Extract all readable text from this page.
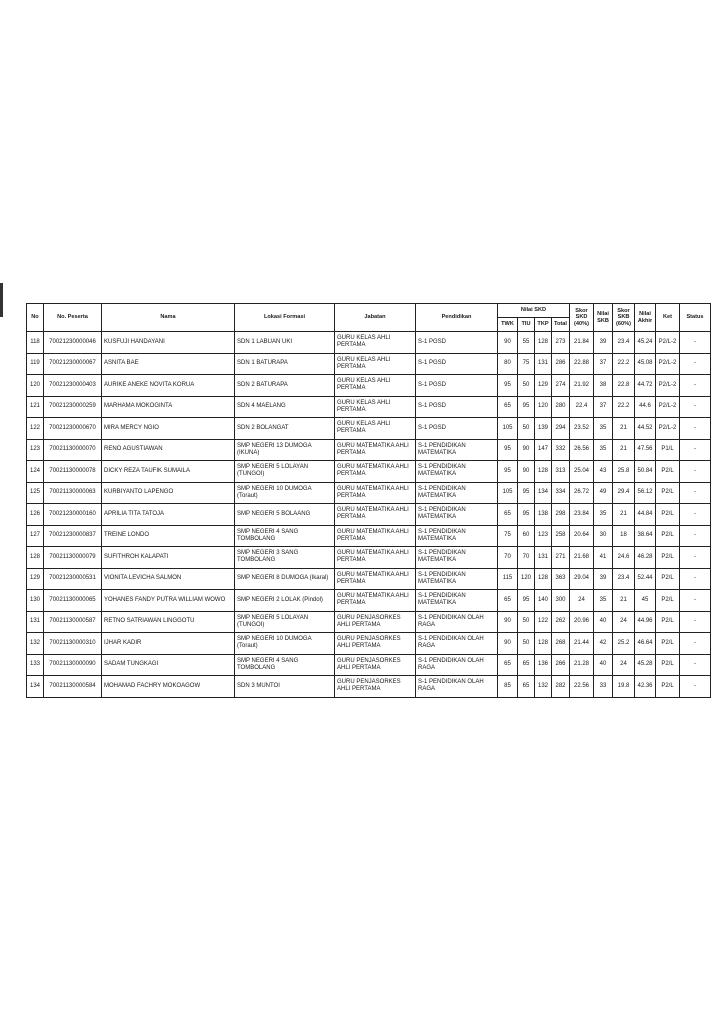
No	No. Peserta	Nama	Lokasi Formasi	Jabatan	Pendidikan	Nilai SKD				Skor SKD (40%)	Nilai SKB	Skor SKB (60%)	Nilai Akhir	Ket	Status
						TWK	TIU	TKP	Total						
118	70021230000046	KUSFUJI HANDAYANI	SDN 1 LABUAN UKI	GURU KELAS AHLI PERTAMA	S-1 PGSD	90	55	128	273	21.84	39	23.4	45.24	P2/L-2	-
119	70021230000067	ASNITA BAE	SDN 1 BATURAPA	GURU KELAS AHLI PERTAMA	S-1 PGSD	80	75	131	286	22.88	37	22.2	45.08	P2/L-2	-
120	70021230000403	AURIKE ANEKE NOVITA KORUA	SDN 2 BATURAPA	GURU KELAS AHLI PERTAMA	S-1 PGSD	95	50	129	274	21.92	38	22.8	44.72	P2/L-2	-
121	70021230000259	MARHAMA MOKOGINTA	SDN 4 MAELANG	GURU KELAS AHLI PERTAMA	S-1 PGSD	65	95	120	280	22.4	37	22.2	44.6	P2/L-2	-
122	70021230000670	MIRA MERCY NGIO	SDN 2 BOLANGAT	GURU KELAS AHLI PERTAMA	S-1 PGSD	105	50	139	294	23.52	35	21	44.52	P2/L-2	-
123	70021130000070	RENO AGUSTIAWAN	SMP NEGERI 13 DUMOGA (IKUNA)	GURU MATEMATIKA AHLI PERTAMA	S-1 PENDIDIKAN MATEMATIKA	95	90	147	332	26.56	35	21	47.56	P1/L	-
124	70021130000078	DICKY REZA TAUFIK SUMAILA	SMP NEGERI 5 LOLAYAN (TUNGOI)	GURU MATEMATIKA AHLI PERTAMA	S-1 PENDIDIKAN MATEMATIKA	95	90	128	313	25.04	43	25.8	50.84	P2/L	-
125	70021130000063	KURBIYANTO LAPENGO	SMP NEGERI 10 DUMOGA (Toraut)	GURU MATEMATIKA AHLI PERTAMA	S-1 PENDIDIKAN MATEMATIKA	105	95	134	334	26.72	49	29.4	56.12	P2/L	-
126	70021230000160	APRILIA TITA TATOJA	SMP NEGERI 5 BOLAANG	GURU MATEMATIKA AHLI PERTAMA	S-1 PENDIDIKAN MATEMATIKA	65	95	138	298	23.84	35	21	44.84	P2/L	-
127	70021230000837	TREINE LONDO	SMP NEGERI 4 SANG TOMBOLANG	GURU MATEMATIKA AHLI PERTAMA	S-1 PENDIDIKAN MATEMATIKA	75	60	123	258	20.64	30	18	38.64	P2/L	-
128	70021130000079	SUFITHROH KALAPATI	SMP NEGERI 3 SANG TOMBOLANG	GURU MATEMATIKA AHLI PERTAMA	S-1 PENDIDIKAN MATEMATIKA	70	70	131	271	21.68	41	24.6	46.28	P2/L	-
129	70021230000531	VIONITA LEVICHA SALMON	SMP NEGERI 8 DUMOGA (Ikaral)	GURU MATEMATIKA AHLI PERTAMA	S-1 PENDIDIKAN MATEMATIKA	115	120	128	363	29.04	39	23.4	52.44	P2/L	-
130	70021130000065	YOHANES FANDY PUTRA WILLIAM WOWO	SMP NEGERI 2 LOLAK (Pindol)	GURU MATEMATIKA AHLI PERTAMA	S-1 PENDIDIKAN MATEMATIKA	65	95	140	300	24	35	21	45	P2/L	-
131	70021130000587	RETNO SATRIAWAN LINGGOTU	SMP NEGERI 5 LOLAYAN (TUNGOI)	GURU PENJASORKES AHLI PERTAMA	S-1 PENDIDIKAN OLAH RAGA	90	50	122	262	20.96	40	24	44.96	P2/L	-
132	70021130000310	IJHAR KADIR	SMP NEGERI 10 DUMOGA (Toraut)	GURU PENJASORKES AHLI PERTAMA	S-1 PENDIDIKAN OLAH RAGA	90	50	128	268	21.44	42	25.2	46.64	P2/L	-
133	70021130000090	SADAM TUNGKAGI	SMP NEGERI 4 SANG TOMBOLANG	GURU PENJASORKES AHLI PERTAMA	S-1 PENDIDIKAN OLAH RAGA	65	65	136	266	21.28	40	24	45.28	P2/L	-
134	70021130000584	MOHAMAD FACHRY MOKOAGOW	SDN 3 MUNTOI	GURU PENJASORKES AHLI PERTAMA	S-1 PENDIDIKAN OLAH RAGA	85	65	132	282	22.56	33	19.8	42.36	P2/L	-
